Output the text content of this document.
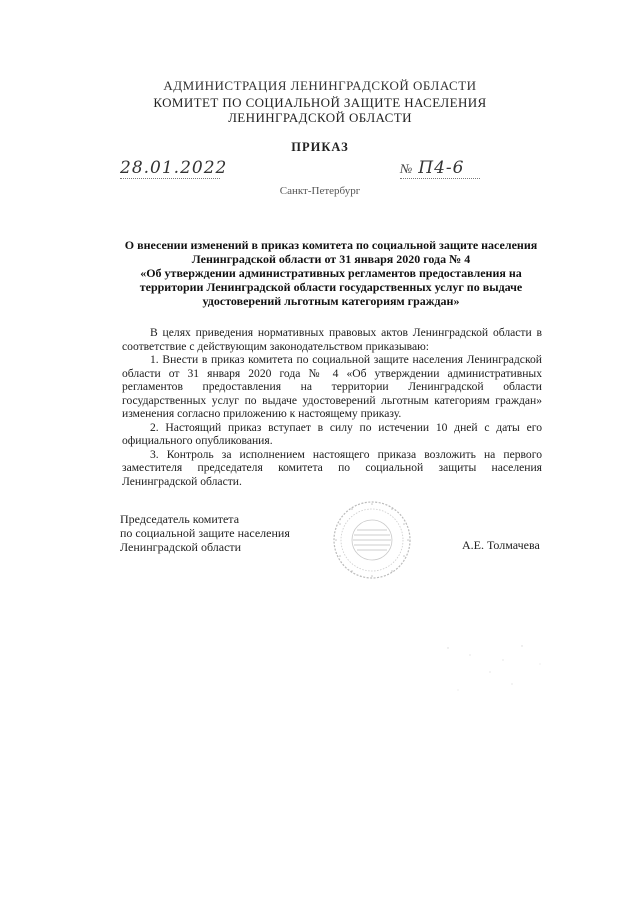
АДМИНИСТРАЦИЯ ЛЕНИНГРАДСКОЙ ОБЛАСТИ
КОМИТЕТ ПО СОЦИАЛЬНОЙ ЗАЩИТЕ НАСЕЛЕНИЯ
ЛЕНИНГРАДСКОЙ ОБЛАСТИ
ПРИКАЗ
28.01.2022	№ П4-6
Санкт-Петербург
О внесении изменений в приказ комитета по социальной защите населения
Ленинградской области от 31 января 2020 года № 4
«Об утверждении административных регламентов предоставления на
территории Ленинградской области государственных услуг по выдаче
удостоверений льготным категориям граждан»

В целях приведения нормативных правовых актов Ленинградской области в соответствие с действующим законодательством приказываю:

1. Внести в приказ комитета по социальной защите населения Ленинградской области от 31 января 2020 года № 4 «Об утверждении административных регламентов предоставления на территории Ленинградской области государственных услуг по выдаче удостоверений льготным категориям граждан» изменения согласно приложению к настоящему приказу.

2. Настоящий приказ вступает в силу по истечении 10 дней с даты его официального опубликования.

3. Контроль за исполнением настоящего приказа возложить на первого заместителя председателя комитета по социальной защиты населения Ленинградской области.

Председатель комитета
по социальной защите населения
Ленинградской области	А.Е. Толмачева
